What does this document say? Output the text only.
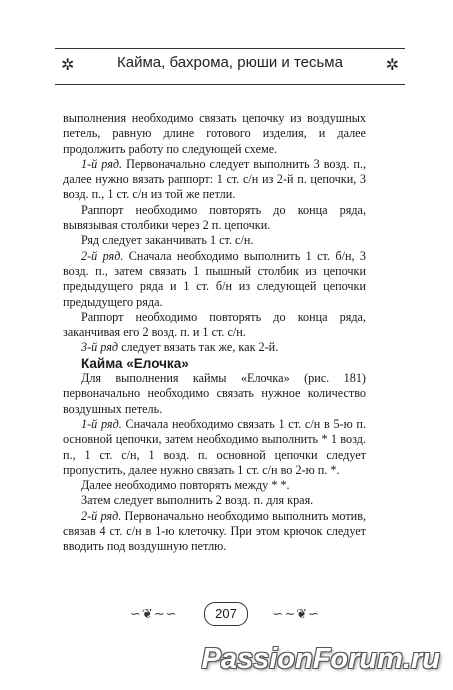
✲	Кайма, бахрома, рюши и тесьма	✲

выполнения необходимо связать цепочку из воздушных петель, равную длине готового изделия, и далее продолжить работу по следующей схеме.

1-й ряд. Первоначально следует выполнить 3 возд. п., далее нужно вязать раппорт: 1 ст. с/н из 2-й п. цепочки, 3 возд. п., 1 ст. с/н из той же петли.

Раппорт необходимо повторять до конца ряда, вывязывая столбики через 2 п. цепочки.

Ряд следует заканчивать 1 ст. с/н.

2-й ряд. Сначала необходимо выполнить 1 ст. б/н, 3 возд. п., затем связать 1 пышный столбик из цепочки предыдущего ряда и 1 ст. б/н из следующей цепочки предыдущего ряда.

Раппорт необходимо повторять до конца ряда, заканчивая его 2 возд. п. и 1 ст. с/н.

3-й ряд следует вязать так же, как 2-й.

Кайма «Елочка»

Для выполнения каймы «Елочка» (рис. 181) первоначально необходимо связать нужное количество воздушных петель.

1-й ряд. Сначала необходимо связать 1 ст. с/н в 5-ю п. основной цепочки, затем необходимо выполнить * 1 возд. п., 1 ст. с/н, 1 возд. п. основной цепочки следует пропустить, далее нужно связать 1 ст. с/н во 2-ю п. *.

Далее необходимо повторять между * *.

Затем следует выполнить 2 возд. п. для края.

2-й ряд. Первоначально необходимо выполнить мотив, связав 4 ст. с/н в 1-ю клеточку. При этом крючок следует вводить под воздушную петлю.

∽❦∼∽	207	∽∼❦∽
PassionForum.ru
